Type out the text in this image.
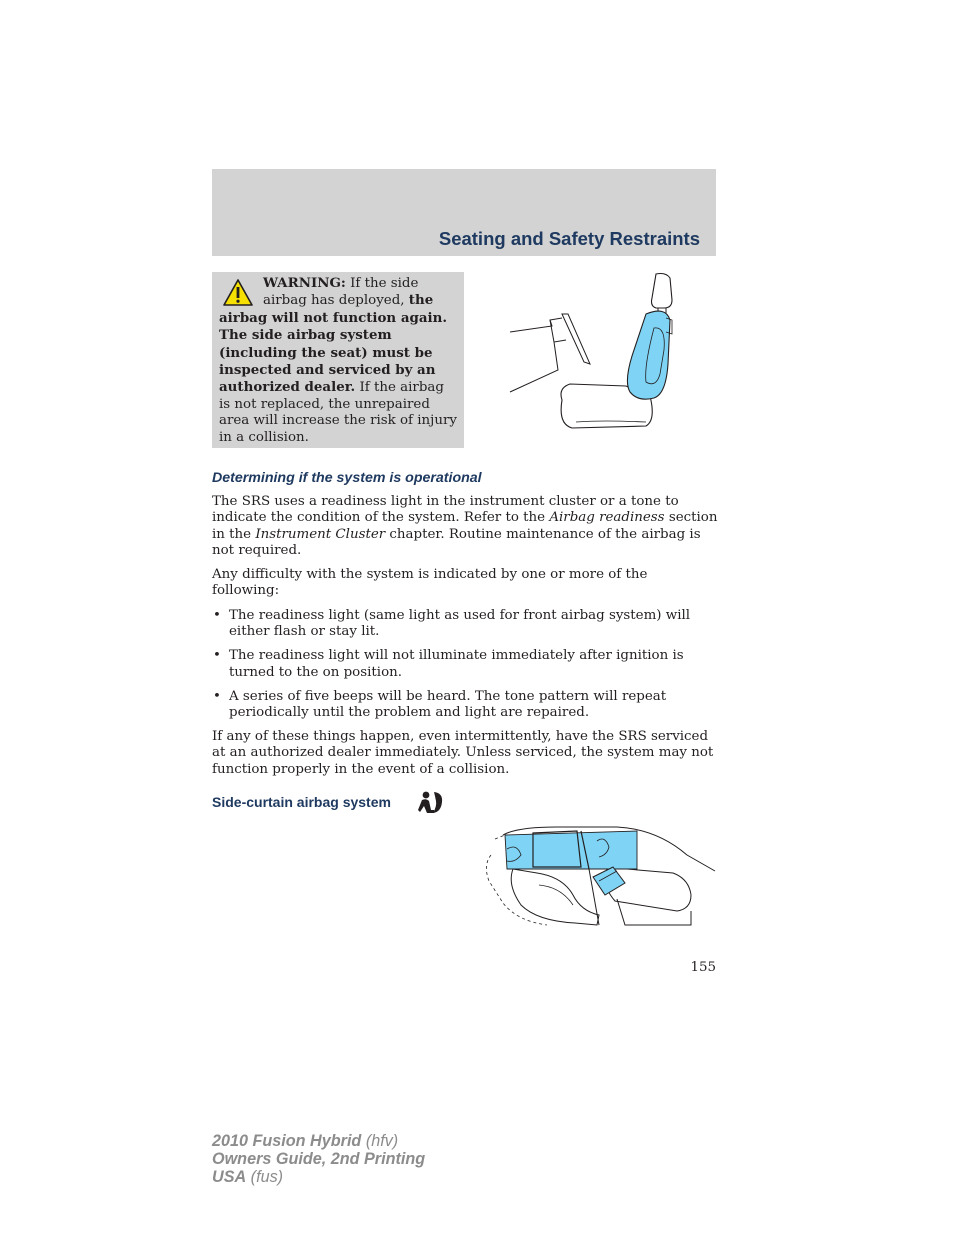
Seating and Safety Restraints
WARNING: If the side airbag has deployed, the airbag will not function again. The side airbag system (including the seat) must be inspected and serviced by an authorized dealer. If the airbag is not replaced, the unrepaired area will increase the risk of injury in a collision.
Determining if the system is operational
The SRS uses a readiness light in the instrument cluster or a tone to indicate the condition of the system. Refer to the Airbag readiness section in the Instrument Cluster chapter. Routine maintenance of the airbag is not required.
Any difficulty with the system is indicated by one or more of the following:
• The readiness light (same light as used for front airbag system) will either flash or stay lit.
• The readiness light will not illuminate immediately after ignition is turned to the on position.
• A series of five beeps will be heard. The tone pattern will repeat periodically until the problem and light are repaired.
If any of these things happen, even intermittently, have the SRS serviced at an authorized dealer immediately. Unless serviced, the system may not function properly in the event of a collision.
Side-curtain airbag system
155
2010 Fusion Hybrid (hfv)
Owners Guide, 2nd Printing
USA (fus)
